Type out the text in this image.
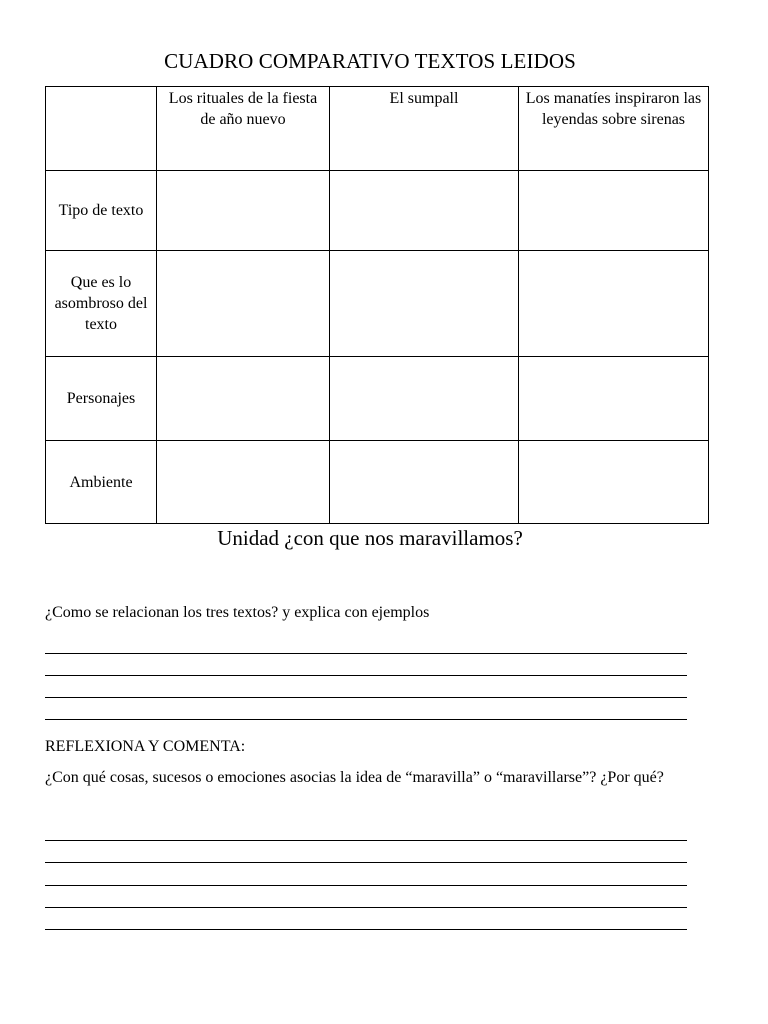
CUADRO COMPARATIVO TEXTOS LEIDOS
	Los rituales de la fiesta de año nuevo	El sumpall	Los manatíes inspiraron las leyendas sobre sirenas
Tipo de texto			
Que es lo asombroso del texto			
Personajes			
Ambiente			
Unidad ¿con que nos maravillamos?
¿Como se relacionan los tres textos? y explica con ejemplos
REFLEXIONA Y COMENTA:
¿Con qué cosas, sucesos o emociones asocias la idea de “maravilla” o “maravillarse”? ¿Por qué?
